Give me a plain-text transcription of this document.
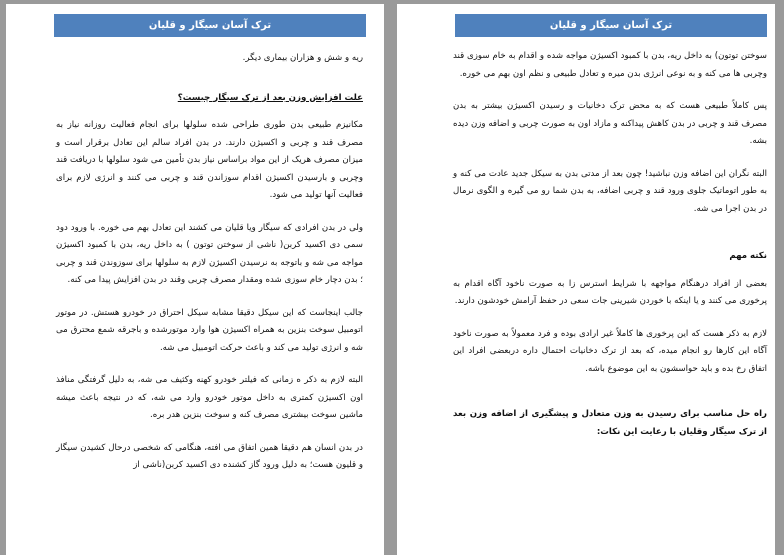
ترک آسان سیگار و قلیان

ریه و شش و هزاران بیماری دیگر.

علت افزایش وزن بعد از ترک سیگار چیست؟

مکانیزم طبیعی بدن طوری طراحی شده سلولها برای انجام فعالیت روزانه نیاز به مصرف قند و چربی و اکسیژن دارند. در بدن افراد سالم این تعادل برقرار است و میزان مصرف هریک از این مواد براساس نیاز بدن تأمین می شود سلولها با دریافت قند وچربی و بارسیدن اکسیژن اقدام سوزاندن قند و چربی می کنند و انرژی لازم برای فعالیت آنها تولید می شود.

ولی در بدن افرادی که سیگار ویا قلیان می کشند این تعادل بهم می خوره. با ورود دود سمی دی اکسید کربن( ناشی از سوختن توتون ) به داخل ریه، بدن با کمبود اکسیژن مواجه می شه و باتوجه به نرسیدن اکسیژن لازم به سلولها برای سوزوندن قند و چربی ؛ بدن دچار خام سوزی شده ومقدار مصرف چربی وقند در بدن افزایش پیدا می کنه.

جالب اینجاست که این سیکل دقیقا مشابه سیکل احتراق در خودرو هستش. در موتور اتومبیل سوخت بنزین به همراه اکسیژن هوا وارد موتورشده و باجرقه شمع محترق می شه و انرژی تولید می کند و باعث حرکت اتومبیل می شه.

البته لازم به ذکر ه زمانی که فیلتر خودرو کهنه وکثیف می شه، به دلیل گرفتگی منافذ اون اکسیژن کمتری به داخل موتور خودرو وارد می شه، که در نتیجه باعث میشه ماشین سوخت بیشتری مصرف کنه و سوخت بنزین هدر بره.

در بدن انسان هم دقیقا همین اتفاق می افته، هنگامی که شخصی درحال کشیدن سیگار و قلیون هست؛ به دلیل ورود گاز کشنده دی اکسید کربن(ناشی از

ترک آسان سیگار و قلیان

سوختن توتون) به داخل ریه، بدن با کمبود اکسیژن مواجه شده و اقدام به خام سوزی قند وچربی ها می کنه و به نوعی انرژی بدن میره و تعادل طبیعی و نظم اون بهم می خوره.

پس کاملاً طبیعی هست که به محض ترک دخانیات و رسیدن اکسیژن بیشتر به بدن مصرف قند و چربی در بدن کاهش پیداکنه و مازاد اون به صورت چربی و اضافه وزن دیده بشه.

البته نگران این اضافه وزن نباشید! چون بعد از مدتی بدن به سیکل جدید عادت می کنه و به طور اتوماتیک جلوی ورود قند و چربی اضافه، به بدن شما رو می گیره و الگوی نرمال در بدن اجرا می شه.

نکته مهم

بعضی از افراد درهنگام مواجهه با شرایط استرس زا به صورت ناخود آگاه اقدام به پرخوری می کنند و یا اینکه با خوردن شیرینی جات سعی در حفظ آرامش خودشون دارند.

لازم به ذکر هست که این پرخوری ها کاملاً غیر ارادی بوده و فرد معمولاً به صورت ناخود آگاه این کارها رو انجام میده، که بعد از ترک دخانیات احتمال داره دربعضی افراد این اتفاق رخ بده و باید حواسشون به این موضوع باشه.

راه حل مناسب برای رسیدن به وزن متعادل و پیشگیری از اضافه وزن بعد از ترک سیگار وقلیان با رعایت این نکات:
